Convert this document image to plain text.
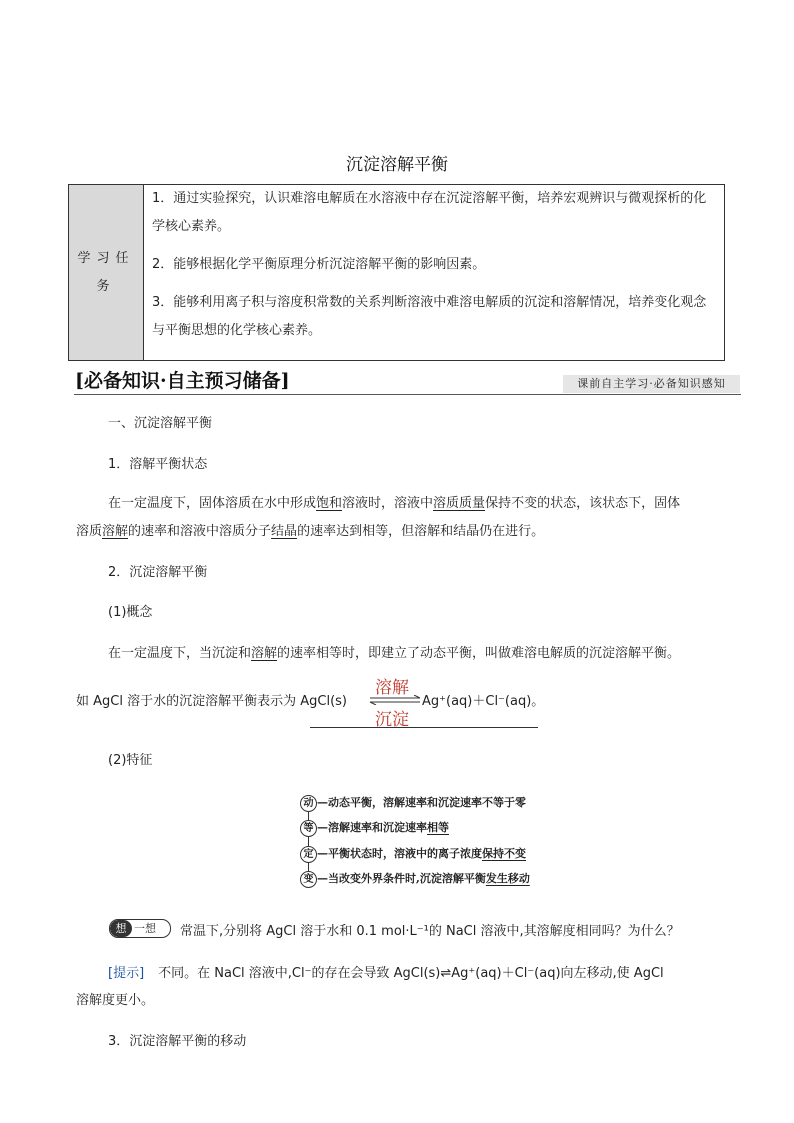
沉淀溶解平衡
学习任务	

1．通过实验探究，认识难溶电解质在水溶液中存在沉淀溶解平衡，培养宏观辨识与微观探析的化学核心素养。

2．能够根据化学平衡原理分析沉淀溶解平衡的影响因素。

3．能够利用离子积与溶度积常数的关系判断溶液中难溶电解质的沉淀和溶解情况，培养变化观念与平衡思想的化学核心素养。

[必备知识·自主预习储备]	课前自主学习·必备知识感知
一、沉淀溶解平衡
1．溶解平衡状态
在一定温度下，固体溶质在水中形成饱和溶液时，溶液中溶质质量保持不变的状态，该状态下，固体
溶质溶解的速率和溶液中溶质分子结晶的速率达到相等，但溶解和结晶仍在进行。
2．沉淀溶解平衡
(1)概念
在一定温度下，当沉淀和溶解的速率相等时，即建立了动态平衡，叫做难溶电解质的沉淀溶解平衡。
如 AgCl 溶于水的沉淀溶解平衡表示为 AgCl(s)
溶解
沉淀
Ag⁺(aq)＋Cl⁻(aq)。
(2)特征
动 —动态平衡，溶解速率和沉淀速率不等于零
等 —溶解速率和沉淀速率相等
定 —平衡状态时，溶液中的离子浓度保持不变
变 —当改变外界条件时,沉淀溶解平衡发生移动
想 一想 常温下,分别将 AgCl 溶于水和 0.1 mol·L⁻¹的 NaCl 溶液中,其溶解度相同吗？为什么？
[提示] 不同。在 NaCl 溶液中,Cl⁻的存在会导致 AgCl(s)⇌Ag⁺(aq)＋Cl⁻(aq)向左移动,使 AgCl
溶解度更小。
3．沉淀溶解平衡的移动
